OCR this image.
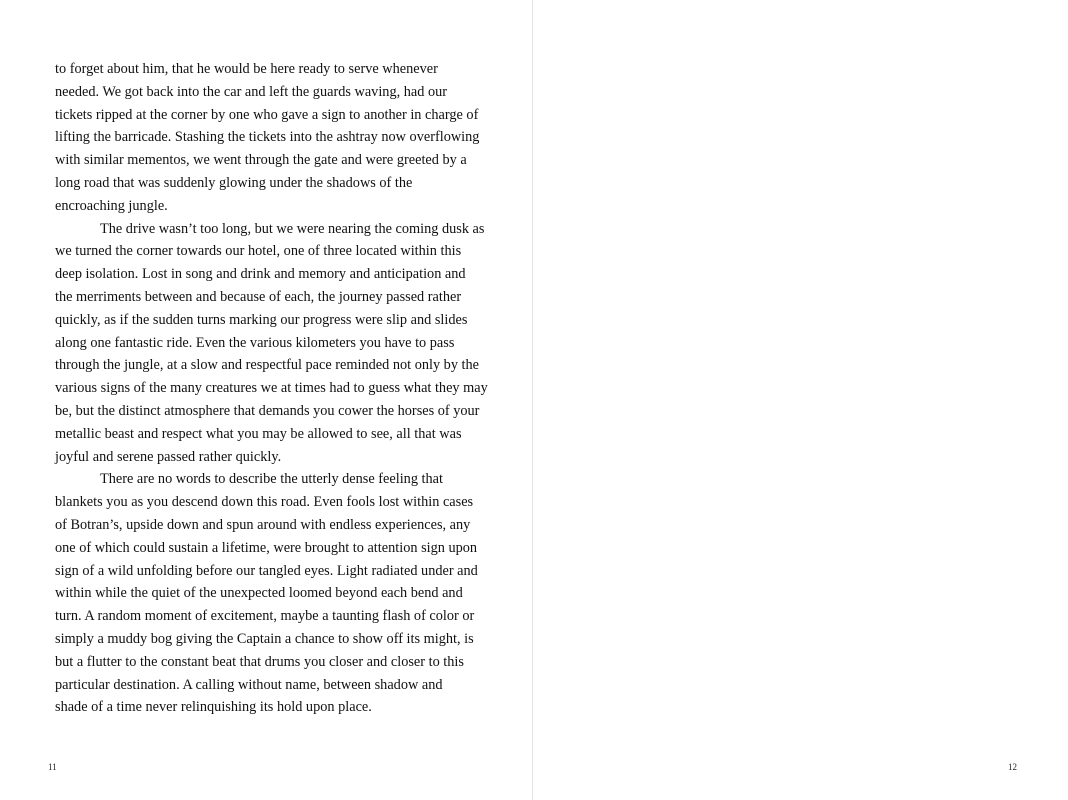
to forget about him, that he would be here ready to serve whenever
needed. We got back into the car and left the guards waving, had our
tickets ripped at the corner by one who gave a sign to another in charge of
lifting the barricade. Stashing the tickets into the ashtray now overflowing
with similar mementos, we went through the gate and were greeted by a
long road that was suddenly glowing under the shadows of the
encroaching jungle.
The drive wasn’t too long, but we were nearing the coming dusk as
we turned the corner towards our hotel, one of three located within this
deep isolation. Lost in song and drink and memory and anticipation and
the merriments between and because of each, the journey passed rather
quickly, as if the sudden turns marking our progress were slip and slides
along one fantastic ride. Even the various kilometers you have to pass
through the jungle, at a slow and respectful pace reminded not only by the
various signs of the many creatures we at times had to guess what they may
be, but the distinct atmosphere that demands you cower the horses of your
metallic beast and respect what you may be allowed to see, all that was
joyful and serene passed rather quickly.
There are no words to describe the utterly dense feeling that
blankets you as you descend down this road. Even fools lost within cases
of Botran’s, upside down and spun around with endless experiences, any
one of which could sustain a lifetime, were brought to attention sign upon
sign of a wild unfolding before our tangled eyes. Light radiated under and
within while the quiet of the unexpected loomed beyond each bend and
turn. A random moment of excitement, maybe a taunting flash of color or
simply a muddy bog giving the Captain a chance to show off its might, is
but a flutter to the constant beat that drums you closer and closer to this
particular destination. A calling without name, between shadow and
shade of a time never relinquishing its hold upon place.
11	12
